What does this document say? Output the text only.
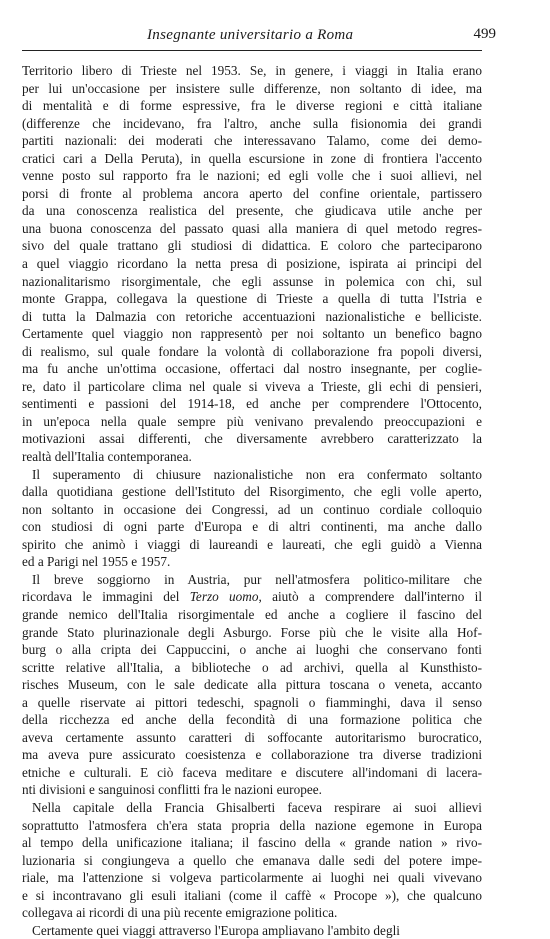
Insegnante universitario a Roma	499
Territorio libero di Trieste nel 1953. Se, in genere, i viaggi in Italia erano
per lui un'occasione per insistere sulle differenze, non soltanto di idee, ma
di mentalità e di forme espressive, fra le diverse regioni e città italiane
(differenze che incidevano, fra l'altro, anche sulla fisionomia dei grandi
partiti nazionali: dei moderati che interessavano Talamo, come dei demo-
cratici cari a Della Peruta), in quella escursione in zone di frontiera l'accento
venne posto sul rapporto fra le nazioni; ed egli volle che i suoi allievi, nel
porsi di fronte al problema ancora aperto del confine orientale, partissero
da una conoscenza realistica del presente, che giudicava utile anche per
una buona conoscenza del passato quasi alla maniera di quel metodo regres-
sivo del quale trattano gli studiosi di didattica. E coloro che parteciparono
a quel viaggio ricordano la netta presa di posizione, ispirata ai principi del
nazionalitarismo risorgimentale, che egli assunse in polemica con chi, sul
monte Grappa, collegava la questione di Trieste a quella di tutta l'Istria e
di tutta la Dalmazia con retoriche accentuazioni nazionalistiche e belliciste.
Certamente quel viaggio non rappresentò per noi soltanto un benefico bagno
di realismo, sul quale fondare la volontà di collaborazione fra popoli diversi,
ma fu anche un'ottima occasione, offertaci dal nostro insegnante, per coglie-
re, dato il particolare clima nel quale si viveva a Trieste, gli echi di pensieri,
sentimenti e passioni del 1914-18, ed anche per comprendere l'Ottocento,
in un'epoca nella quale sempre più venivano prevalendo preoccupazioni e
motivazioni assai differenti, che diversamente avrebbero caratterizzato la
realtà dell'Italia contemporanea.
Il superamento di chiusure nazionalistiche non era confermato soltanto
dalla quotidiana gestione dell'Istituto del Risorgimento, che egli volle aperto,
non soltanto in occasione dei Congressi, ad un continuo cordiale colloquio
con studiosi di ogni parte d'Europa e di altri continenti, ma anche dallo
spirito che animò i viaggi di laureandi e laureati, che egli guidò a Vienna
ed a Parigi nel 1955 e 1957.
Il breve soggiorno in Austria, pur nell'atmosfera politico-militare che
ricordava le immagini del Terzo uomo, aiutò a comprendere dall'interno il
grande nemico dell'Italia risorgimentale ed anche a cogliere il fascino del
grande Stato plurinazionale degli Asburgo. Forse più che le visite alla Hof-
burg o alla cripta dei Cappuccini, o anche ai luoghi che conservano fonti
scritte relative all'Italia, a biblioteche o ad archivi, quella al Kunsthisto-
risches Museum, con le sale dedicate alla pittura toscana o veneta, accanto
a quelle riservate ai pittori tedeschi, spagnoli o fiamminghi, dava il senso
della ricchezza ed anche della fecondità di una formazione politica che
aveva certamente assunto caratteri di soffocante autoritarismo burocratico,
ma aveva pure assicurato coesistenza e collaborazione tra diverse tradizioni
etniche e culturali. E ciò faceva meditare e discutere all'indomani di lacera-
nti divisioni e sanguinosi conflitti fra le nazioni europee.
Nella capitale della Francia Ghisalberti faceva respirare ai suoi allievi
soprattutto l'atmosfera ch'era stata propria della nazione egemone in Europa
al tempo della unificazione italiana; il fascino della « grande nation » rivo-
luzionaria si congiungeva a quello che emanava dalle sedi del potere impe-
riale, ma l'attenzione si volgeva particolarmente ai luoghi nei quali vivevano
e si incontravano gli esuli italiani (come il caffè « Procope »), che qualcuno
collegava ai ricordi di una più recente emigrazione politica.
Certamente quei viaggi attraverso l'Europa ampliavano l'ambito degli
